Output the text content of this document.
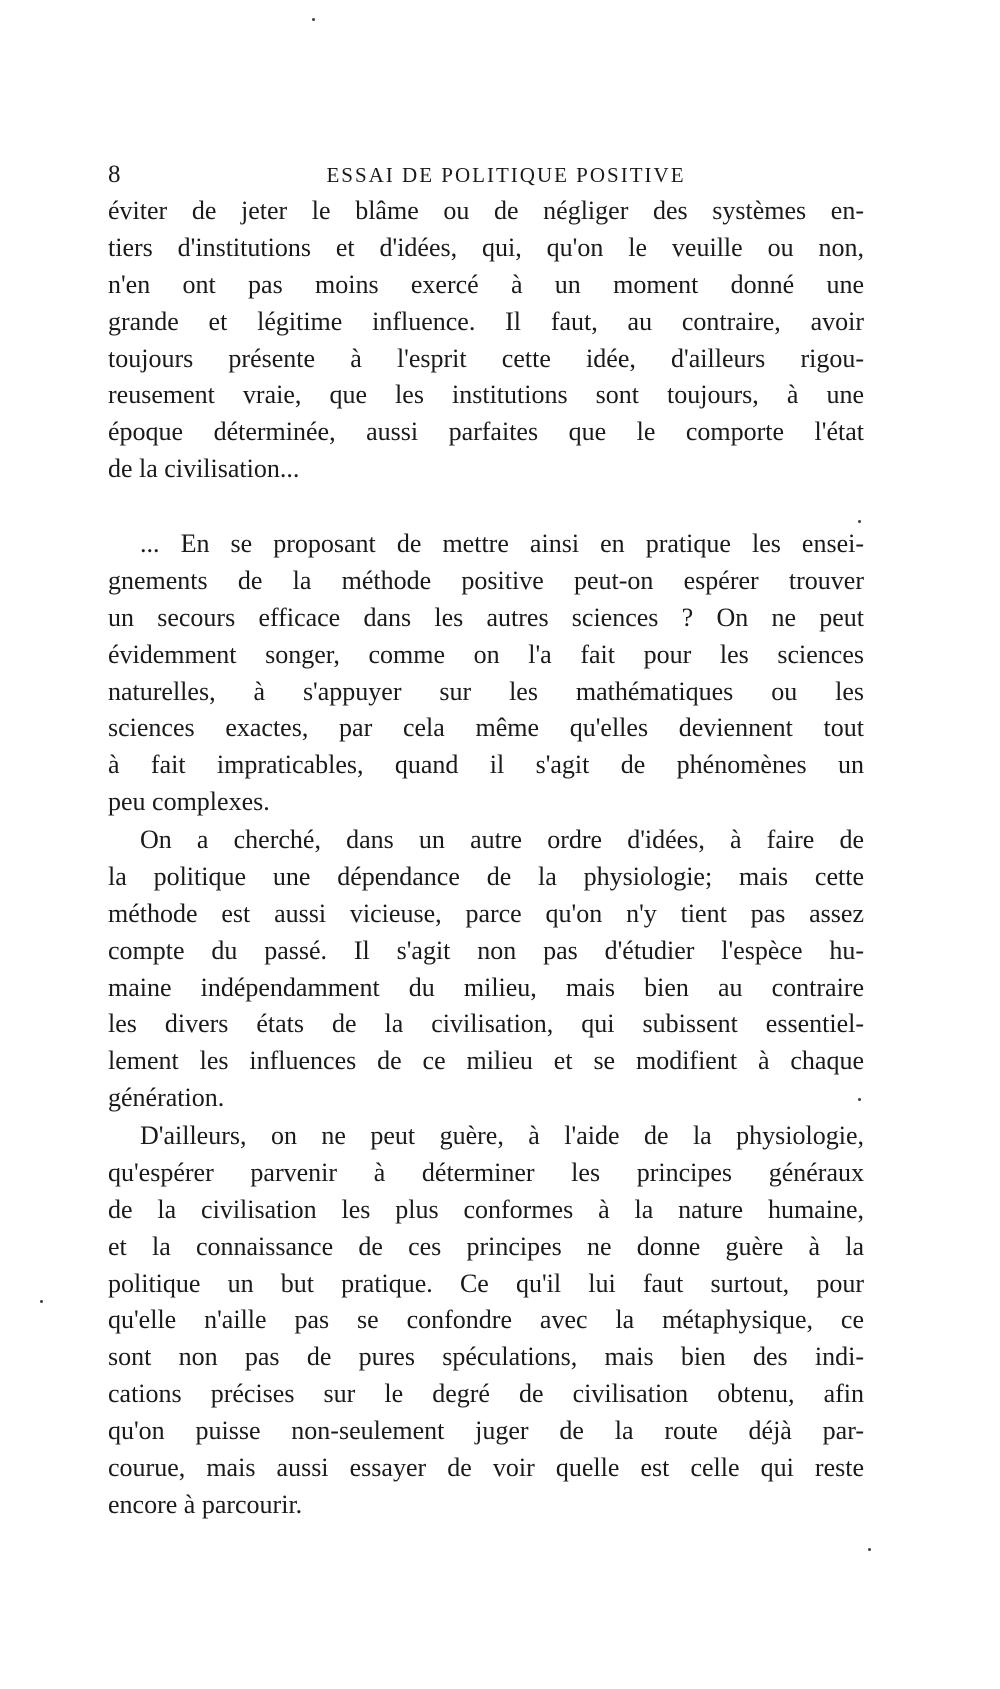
8	ESSAI DE POLITIQUE POSITIVE
éviter de jeter le blâme ou de négliger des systèmes en-
tiers d'institutions et d'idées, qui, qu'on le veuille ou non,
n'en ont pas moins exercé à un moment donné une
grande et légitime influence. Il faut, au contraire, avoir
toujours présente à l'esprit cette idée, d'ailleurs rigou-
reusement vraie, que les institutions sont toujours, à une
époque déterminée, aussi parfaites que le comporte l'état
de la civilisation...
... En se proposant de mettre ainsi en pratique les ensei-
gnements de la méthode positive peut-on espérer trouver
un secours efficace dans les autres sciences ? On ne peut
évidemment songer, comme on l'a fait pour les sciences
naturelles, à s'appuyer sur les mathématiques ou les
sciences exactes, par cela même qu'elles deviennent tout
à fait impraticables, quand il s'agit de phénomènes un
peu complexes.
On a cherché, dans un autre ordre d'idées, à faire de
la politique une dépendance de la physiologie; mais cette
méthode est aussi vicieuse, parce qu'on n'y tient pas assez
compte du passé. Il s'agit non pas d'étudier l'espèce hu-
maine indépendamment du milieu, mais bien au contraire
les divers états de la civilisation, qui subissent essentiel-
lement les influences de ce milieu et se modifient à chaque
génération.
D'ailleurs, on ne peut guère, à l'aide de la physiologie,
qu'espérer parvenir à déterminer les principes généraux
de la civilisation les plus conformes à la nature humaine,
et la connaissance de ces principes ne donne guère à la
politique un but pratique. Ce qu'il lui faut surtout, pour
qu'elle n'aille pas se confondre avec la métaphysique, ce
sont non pas de pures spéculations, mais bien des indi-
cations précises sur le degré de civilisation obtenu, afin
qu'on puisse non-seulement juger de la route déjà par-
courue, mais aussi essayer de voir quelle est celle qui reste
encore à parcourir.
